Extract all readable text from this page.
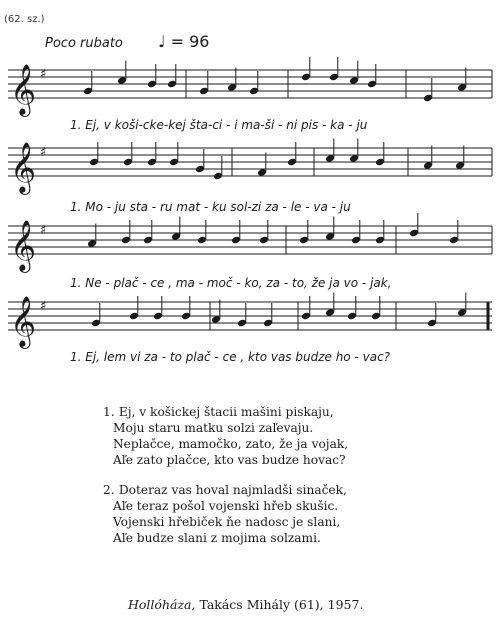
(62. sz.)
Poco rubato ♩ = 96
𝄞 ♯
1. Ej, v koši-cke-kej šta-ci - i ma-ši - ni pis - ka - ju
𝄞 ♯
1. Mo - ju sta - ru mat - ku sol-zi za - le - va - ju
𝄞 ♯
1. Ne - plač - ce , ma - moč - ko, za - to, že ja vo - jak,
𝄞 ♯
1. Ej, lem vi za - to plač - ce , kto vas budze ho - vac?
1. Ej, v košickej štacii mašini piskaju,
Moju staru matku solzi zaľevaju.
Neplačce, mamočko, zato, že ja vojak,
Aľe zato plačce, kto vas budze hovac?
2. Doteraz vas hoval najmladši sinaček,
Aľe teraz pošol vojenski hřeb skušic.
Vojenski hřebiček ňe nadosc je slani,
Aľe budze slani z mojima solzami.
Hollóháza, Takács Mihály (61), 1957.
